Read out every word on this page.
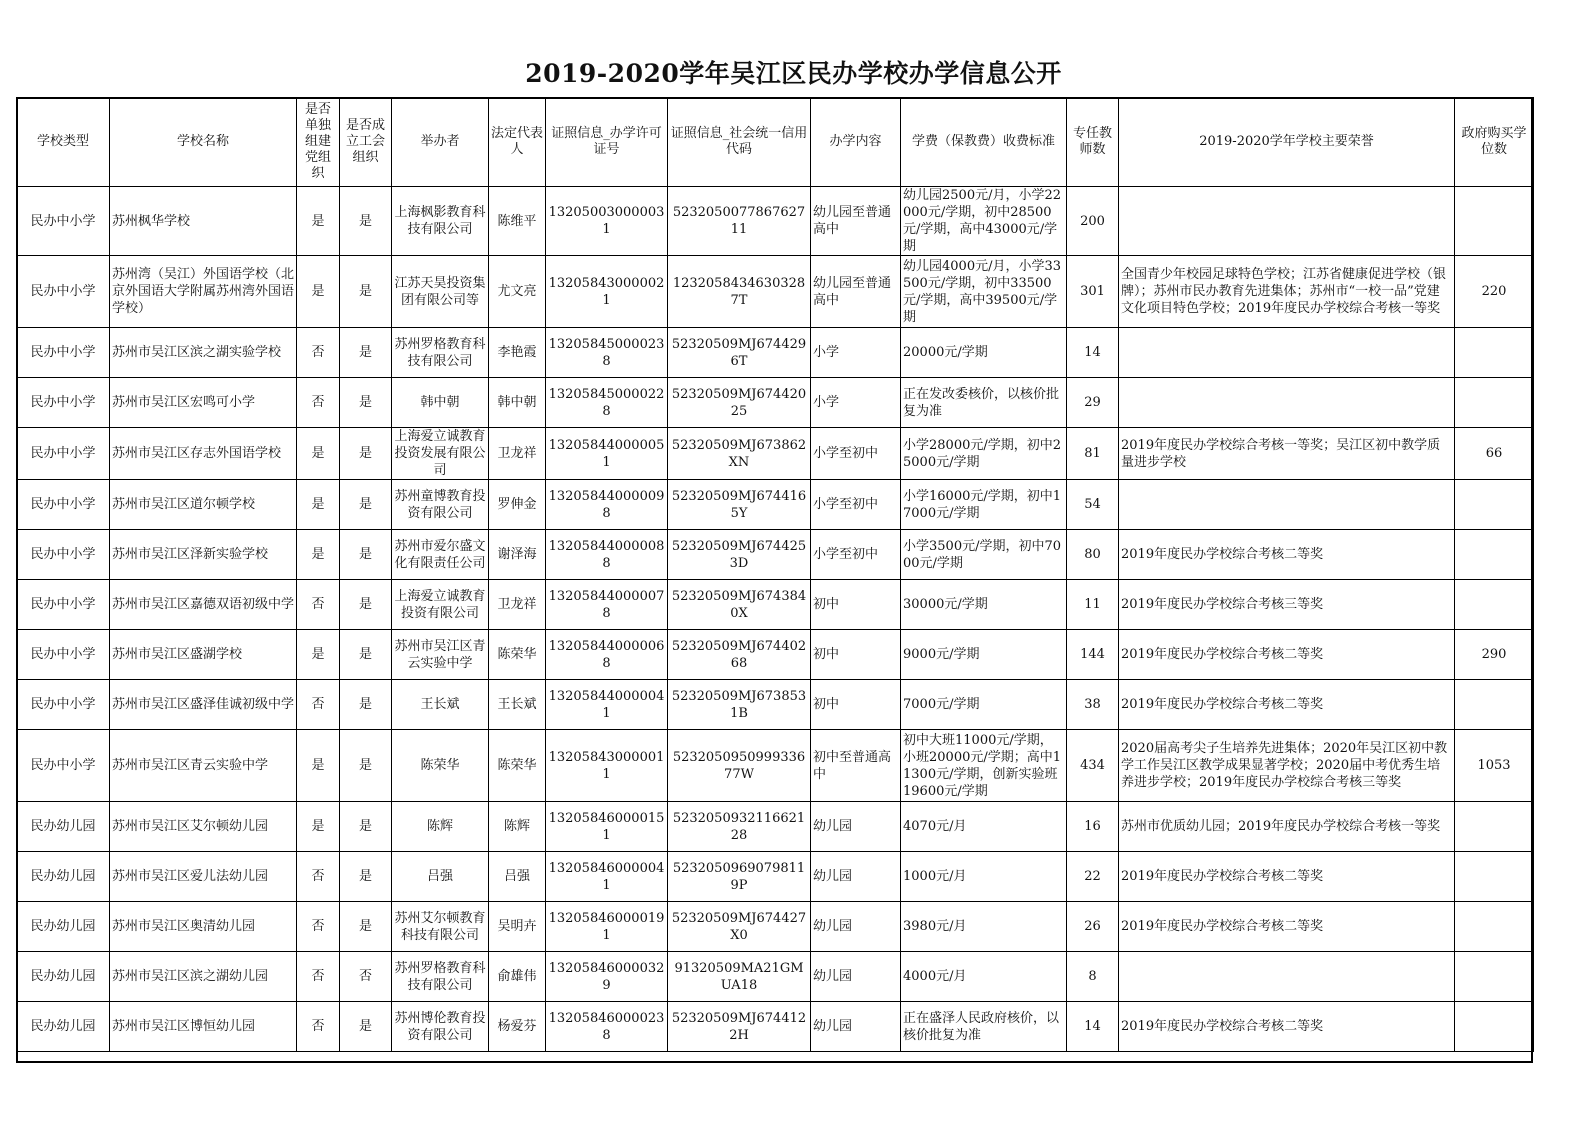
2019-2020学年吴江区民办学校办学信息公开
学校类型	学校名称	是否单独组建党组织	是否成立工会组织	举办者	法定代表人	证照信息_办学许可证号	证照信息_社会统一信用代码	办学内容	学费（保教费）收费标准	专任教师数	2019-2020学年学校主要荣誉	政府购买学位数
民办中小学	苏州枫华学校	是	是	上海枫影教育科技有限公司	陈维平	132050030000031	523205007786762711	幼儿园至普通高中	幼儿园2500元/月，小学22000元/学期，初中28500元/学期，高中43000元/学期	200		
民办中小学	苏州湾（吴江）外国语学校（北京外国语大学附属苏州湾外国语学校）	是	是	江苏天昊投资集团有限公司等	尤文亮	132058430000021	12320584346303287T	幼儿园至普通高中	幼儿园4000元/月，小学33500元/学期，初中33500元/学期，高中39500元/学期	301	全国青少年校园足球特色学校；江苏省健康促进学校（银牌）；苏州市民办教育先进集体；苏州市“一校一品”党建文化项目特色学校；2019年度民办学校综合考核一等奖	220
民办中小学	苏州市吴江区滨之湖实验学校	否	是	苏州罗格教育科技有限公司	李艳霞	132058450000238	52320509MJ6744296T	小学	20000元/学期	14		
民办中小学	苏州市吴江区宏鸣可小学	否	是	韩中朝	韩中朝	132058450000228	52320509MJ67442025	小学	正在发改委核价，以核价批复为准	29		
民办中小学	苏州市吴江区存志外国语学校	是	是	上海爱立诚教育投资发展有限公司	卫龙祥	132058440000051	52320509MJ673862XN	小学至初中	小学28000元/学期，初中25000元/学期	81	2019年度民办学校综合考核一等奖；吴江区初中教学质量进步学校	66
民办中小学	苏州市吴江区道尔顿学校	是	是	苏州童博教育投资有限公司	罗伸金	132058440000098	52320509MJ6744165Y	小学至初中	小学16000元/学期，初中17000元/学期	54		
民办中小学	苏州市吴江区泽新实验学校	是	是	苏州市爱尔盛文化有限责任公司	谢泽海	132058440000088	52320509MJ6744253D	小学至初中	小学3500元/学期，初中7000元/学期	80	2019年度民办学校综合考核二等奖	
民办中小学	苏州市吴江区嘉德双语初级中学	否	是	上海爱立诚教育投资有限公司	卫龙祥	132058440000078	52320509MJ6743840X	初中	30000元/学期	11	2019年度民办学校综合考核三等奖	
民办中小学	苏州市吴江区盛湖学校	是	是	苏州市吴江区青云实验中学	陈荣华	132058440000068	52320509MJ67440268	初中	9000元/学期	144	2019年度民办学校综合考核二等奖	290
民办中小学	苏州市吴江区盛泽佳诚初级中学	否	是	王长斌	王长斌	132058440000041	52320509MJ6738531B	初中	7000元/学期	38	2019年度民办学校综合考核二等奖	
民办中小学	苏州市吴江区青云实验中学	是	是	陈荣华	陈荣华	132058430000011	523205095099933677W	初中至普通高中	初中大班11000元/学期，小班20000元/学期；高中11300元/学期，创新实验班19600元/学期	434	2020届高考尖子生培养先进集体；2020年吴江区初中教学工作吴江区教学成果显著学校；2020届中考优秀生培养进步学校；2019年度民办学校综合考核三等奖	1053
民办幼儿园	苏州市吴江区艾尔顿幼儿园	是	是	陈辉	陈辉	132058460000151	523205093211662128	幼儿园	4070元/月	16	苏州市优质幼儿园；2019年度民办学校综合考核一等奖	
民办幼儿园	苏州市吴江区爱儿法幼儿园	否	是	吕强	吕强	132058460000041	52320509690798119P	幼儿园	1000元/月	22	2019年度民办学校综合考核二等奖	
民办幼儿园	苏州市吴江区奥清幼儿园	否	是	苏州艾尔顿教育科技有限公司	吴明卉	132058460000191	52320509MJ674427X0	幼儿园	3980元/月	26	2019年度民办学校综合考核二等奖	
民办幼儿园	苏州市吴江区滨之湖幼儿园	否	否	苏州罗格教育科技有限公司	俞雄伟	132058460000329	91320509MA21GMUA18	幼儿园	4000元/月	8		
民办幼儿园	苏州市吴江区博恒幼儿园	否	是	苏州博伦教育投资有限公司	杨爱芬	132058460000238	52320509MJ6744122H	幼儿园	正在盛泽人民政府核价，以核价批复为准	14	2019年度民办学校综合考核二等奖	
